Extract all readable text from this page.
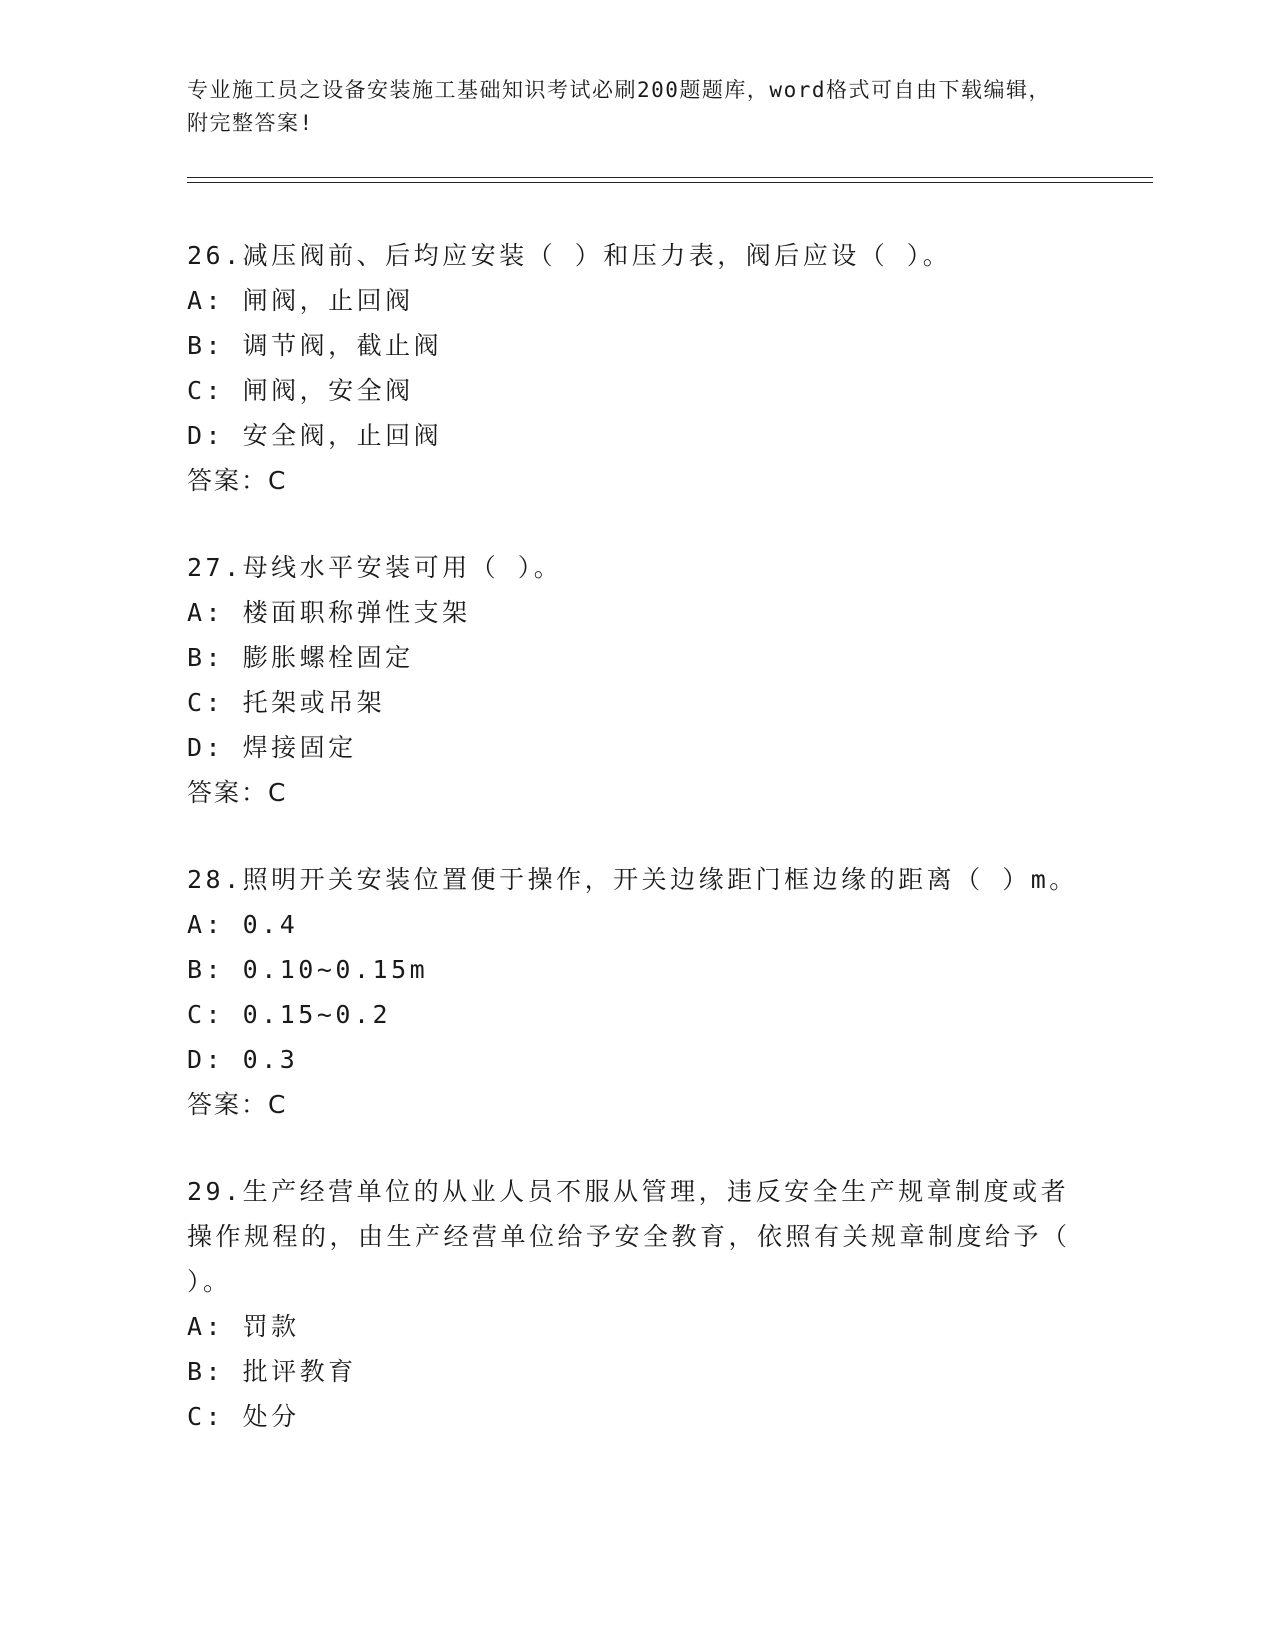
专业施工员之设备安装施工基础知识考试必刷200题题库，word格式可自由下载编辑，附完整答案!

26.减压阀前、后均应安装（ ）和压力表，阀后应设（ ）。

A: 闸阀，止回阀

B: 调节阀，截止阀

C: 闸阀，安全阀

D: 安全阀，止回阀

答案：C

27.母线水平安装可用（ ）。

A: 楼面职称弹性支架

B: 膨胀螺栓固定

C: 托架或吊架

D: 焊接固定

答案：C

28.照明开关安装位置便于操作，开关边缘距门框边缘的距离（ ）m。

A: 0.4

B: 0.10~0.15m

C: 0.15~0.2

D: 0.3

答案：C

29.生产经营单位的从业人员不服从管理，违反安全生产规章制度或者操作规程的，由生产经营单位给予安全教育，依照有关规章制度给予（ ）。

A: 罚款

B: 批评教育

C: 处分
